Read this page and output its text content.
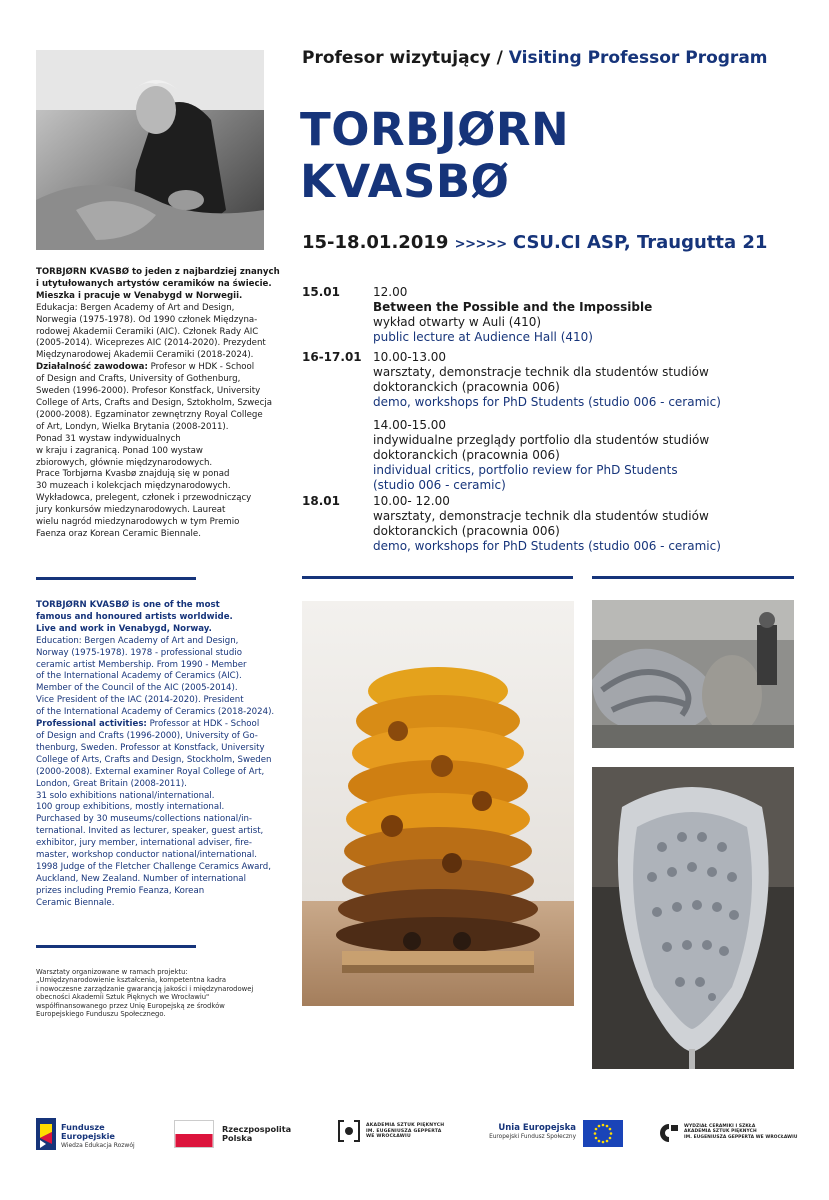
TORBJØRN KVASBØ to jeden z najbardziej znanych

i utytułowanych artystów ceramików na świecie.

Mieszka i pracuje w Venabygd w Norwegii.

Edukacja: Bergen Academy of Art and Design,

Norwegia (1975-1978). Od 1990 członek Międzyna-

rodowej Akademii Ceramiki (AIC). Członek Rady AIC

(2005-2014). Wiceprezes AIC (2014-2020). Prezydent

Międzynarodowej Akademii Ceramiki (2018-2024).

Działalność zawodowa: Profesor w HDK - School

of Design and Crafts, University of Gothenburg,

Sweden (1996-2000). Profesor Konstfack, University

College of Arts, Crafts and Design, Sztokholm, Szwecja

(2000-2008). Egzaminator zewnętrzny Royal College

of Art, Londyn, Wielka Brytania (2008-2011).

Ponad 31 wystaw indywidualnych

w kraju i zagranicą. Ponad 100 wystaw

zbiorowych, głównie międzynarodowych.

Prace Torbjørna Kvasbø znajdują się w ponad

30 muzeach i kolekcjach międzynarodowych.

Wykładowca, prelegent, członek i przewodniczący

jury konkursów miedzynarodowych. Laureat

wielu nagród miedzynarodowych w tym Premio

Faenza oraz Korean Ceramic Biennale.

TORBJØRN KVASBØ is one of the most

famous and honoured artists worldwide.

Live and work in Venabygd, Norway.

Education: Bergen Academy of Art and Design,

Norway (1975-1978). 1978 - professional studio

ceramic artist Membership. From 1990 - Member

of the International Academy of Ceramics (AIC).

Member of the Council of the AIC (2005-2014).

Vice President of the IAC (2014-2020). President

of the International Academy of Ceramics (2018-2024).

Professional activities: Professor at HDK - School

of Design and Crafts (1996-2000), University of Go-

thenburg, Sweden. Professor at Konstfack, University

College of Arts, Crafts and Design, Stockholm, Sweden

(2000-2008). External examiner Royal College of Art,

London, Great Britain (2008-2011).

31 solo exhibitions national/international.

100 group exhibitions, mostly international.

Purchased by 30 museums/collections national/in-

ternational. Invited as lecturer, speaker, guest artist,

exhibitor, jury member, international adviser, fire-

master, workshop conductor national/international.

1998 Judge of the Fletcher Challenge Ceramics Award,

Auckland, New Zealand. Number of international

prizes including Premio Feanza, Korean

Ceramic Biennale.

Warsztaty organizowane w ramach projektu:

„Umiędzynarodowienie kształcenia, kompetentna kadra

i nowoczesne zarządzanie gwarancją jakości i międzynarodowej

obecności Akademii Sztuk Pięknych we Wrocławiu"

współfinansowanego przez Unię Europejską ze środków

Europejskiego Funduszu Społecznego.

Profesor wizytujący / Visiting Professor Program
TORBJØRN
KVASBØ
15-18.01.2019 >>>>> CSU.CI ASP, Traugutta 21
15.01	12.00

Between the Possible and the Impossible

wykład otwarty w Auli (410)

public lecture at Audience Hall (410)

16-17.01 10.00-13.00

warsztaty, demonstracje technik dla studentów studiów

doktoranckich (pracownia 006)

demo, workshops for PhD Students (studio 006 - ceramic)

14.00-15.00

indywidualne przeglądy portfolio dla studentów studiów

doktoranckich (pracownia 006)

individual critics, portfolio review for PhD Students

(studio 006 - ceramic)

18.01	10.00- 12.00

warsztaty, demonstracje technik dla studentów studiów

doktoranckich (pracownia 006)

demo, workshops for PhD Students (studio 006 - ceramic)

Fundusze

Europejskie

Wiedza Edukacja Rozwój

Rzeczpospolita

Polska

AKADEMIA SZTUK PIĘKNYCH

IM. EUGENIUSZA GEPPERTA

WE WROCŁAWIU

Unia Europejska

Europejski Fundusz Społeczny

WYDZIAŁ CERAMIKI I SZKŁA

AKADEMIA SZTUK PIĘKNYCH

IM. EUGENIUSZA GEPPERTA WE WROCŁAWIU
